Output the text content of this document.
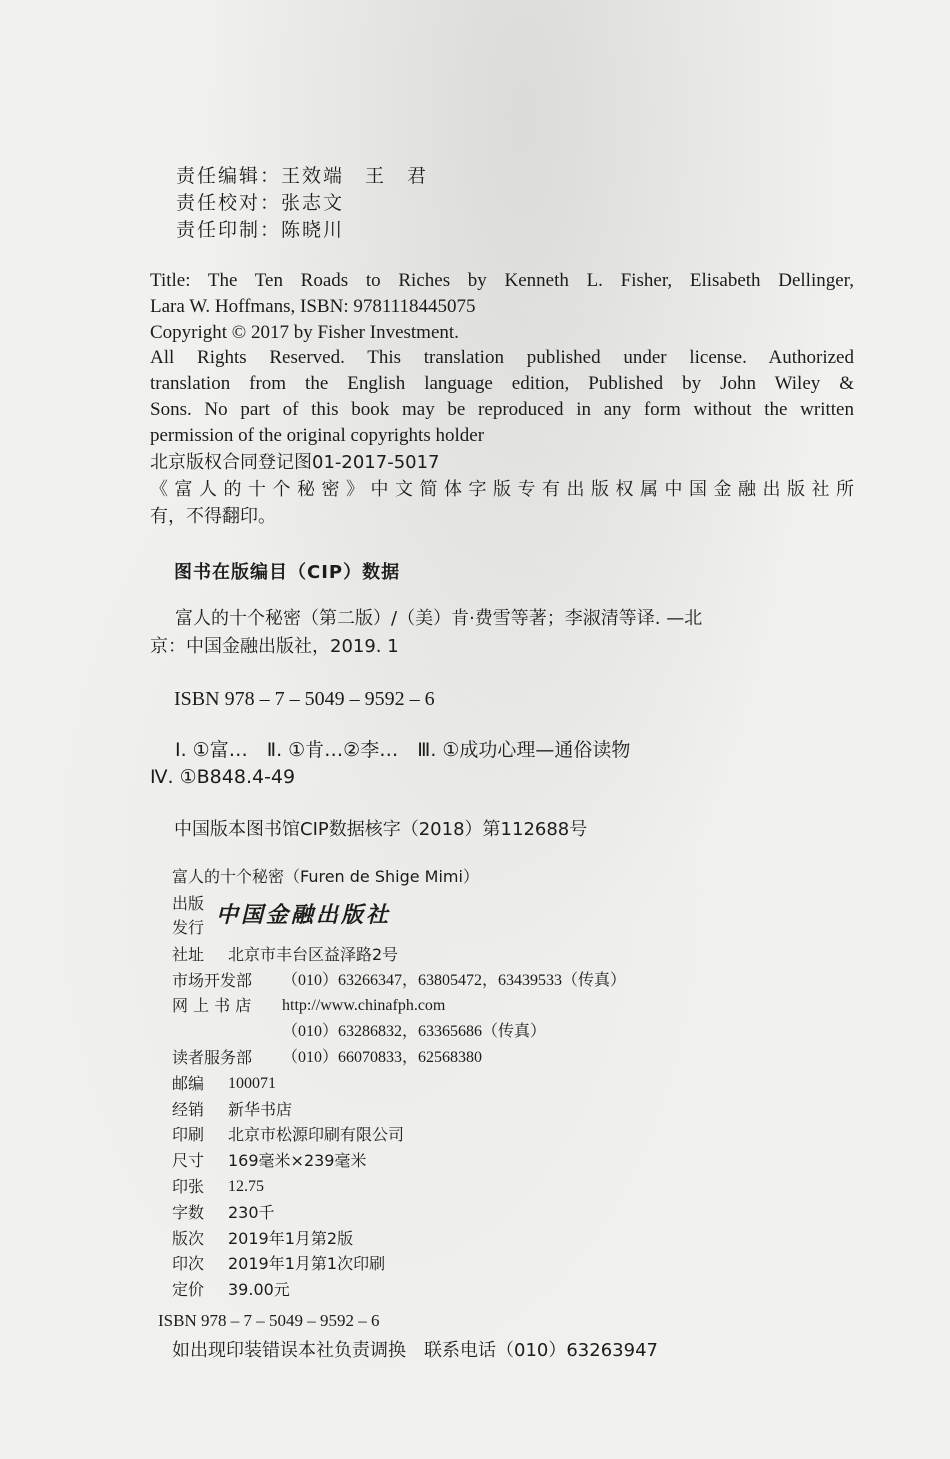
责任编辑：王效端　王　君
责任校对：张志文
责任印制：陈晓川
Title: The Ten Roads to Riches by Kenneth L. Fisher, Elisabeth Dellinger,
Lara W. Hoffmans, ISBN: 9781118445075
Copyright © 2017 by Fisher Investment.
All Rights Reserved. This translation published under license. Authorized
translation from the English language edition, Published by John Wiley &
Sons. No part of this book may be reproduced in any form without the written
permission of the original copyrights holder
北京版权合同登记图01-2017-5017
《富人的十个秘密》中文简体字版专有出版权属中国金融出版社所
有，不得翻印。
图书在版编目（CIP）数据
富人的十个秘密（第二版）/（美）肯·费雪等著；李淑清等译. —北
京：中国金融出版社，2019. 1
ISBN 978 – 7 – 5049 – 9592 – 6
Ⅰ. ①富…　Ⅱ. ①肯…②李…　Ⅲ. ①成功心理—通俗读物
Ⅳ. ①B848.4-49
中国版本图书馆CIP数据核字（2018）第112688号
富人的十个秘密（Furen de Shige Mimi）
出版
发行 中国金融出版社
社址	北京市丰台区益泽路2号
市场开发部	（010）63266347，63805472，63439533（传真）
网 上 书 店	http://www.chinafph.com
（010）63286832，63365686（传真）
读者服务部	（010）66070833，62568380
邮编	100071
经销	新华书店
印刷	北京市松源印刷有限公司
尺寸	169毫米×239毫米
印张	12.75
字数	230千
版次	2019年1月第2版
印次	2019年1月第1次印刷
定价	39.00元
ISBN 978 – 7 – 5049 – 9592 – 6
如出现印装错误本社负责调换　联系电话（010）63263947
